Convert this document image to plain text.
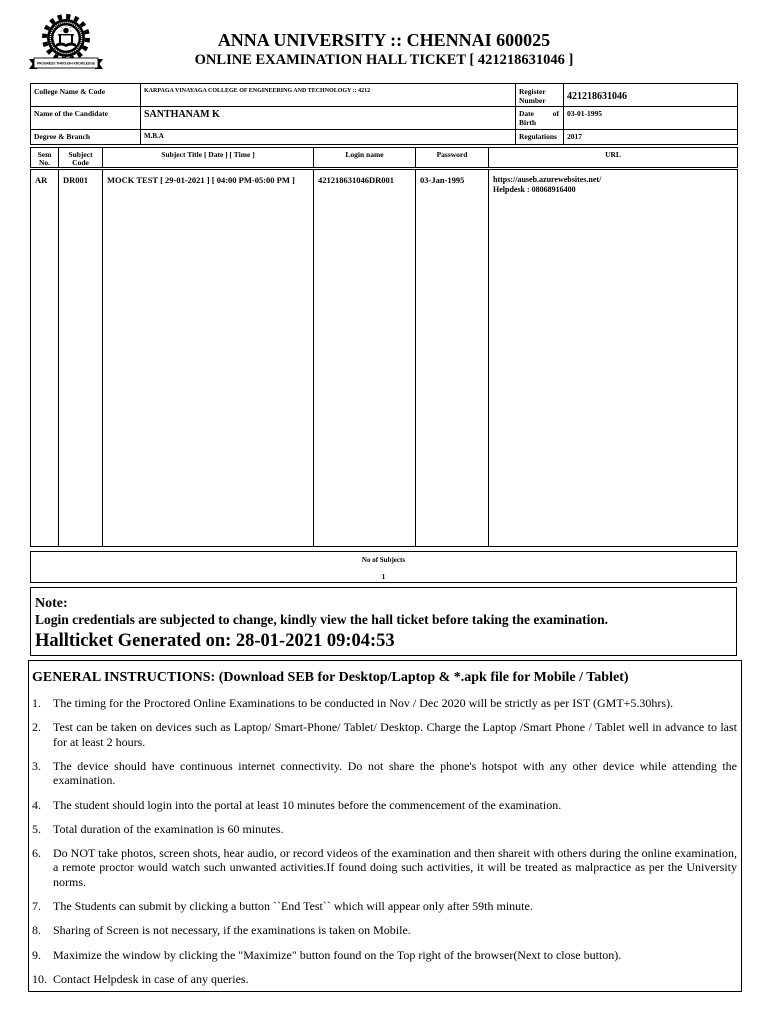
PROGRESS THROUGH KNOWLEDGE
ANNA UNIVERSITY :: CHENNAI 600025
ONLINE EXAMINATION HALL TICKET [ 421218631046 ]
College Name & Code	KARPAGA VINAYAGA COLLEGE OF ENGINEERING AND TECHNOLOGY :: 4212	Register Number	421218631046
Name of the Candidate	SANTHANAM K	Date of Birth	03-01-1995
Degree & Branch	M.B.A	Regulations	2017
Sem No.	Subject Code	Subject Title [ Date ] [ Time ]	Login name	Password	URL
AR	DR001	MOCK TEST [ 29-01-2021 ] [ 04:00 PM-05:00 PM ]	421218631046DR001	03-Jan-1995	https://auseb.azurewebsites.net/
Helpdesk : 08068916400
No of Subjects
1
Note:
Login credentials are subjected to change, kindly view the hall ticket before taking the examination.
Hallticket Generated on: 28-01-2021 09:04:53
GENERAL INSTRUCTIONS: (Download SEB for Desktop/Laptop & *.apk file for Mobile / Tablet)
1.	The timing for the Proctored Online Examinations to be conducted in Nov / Dec 2020 will be strictly as per IST (GMT+5.30hrs).
2.	Test can be taken on devices such as Laptop/ Smart-Phone/ Tablet/ Desktop. Charge the Laptop /Smart Phone / Tablet well in advance to last for at least 2 hours.
3.	The device should have continuous internet connectivity. Do not share the phone's hotspot with any other device while attending the examination.
4.	The student should login into the portal at least 10 minutes before the commencement of the examination.
5.	Total duration of the examination is 60 minutes.
6.	Do NOT take photos, screen shots, hear audio, or record videos of the examination and then shareit with others during the online examination, a remote proctor would watch such unwanted activities.If found doing such activities, it will be treated as malpractice as per the University norms.
7.	The Students can submit by clicking a button ``End Test`` which will appear only after 59th minute.
8.	Sharing of Screen is not necessary, if the examinations is taken on Mobile.
9.	Maximize the window by clicking the "Maximize" button found on the Top right of the browser(Next to close button).
10. Contact Helpdesk in case of any queries.
